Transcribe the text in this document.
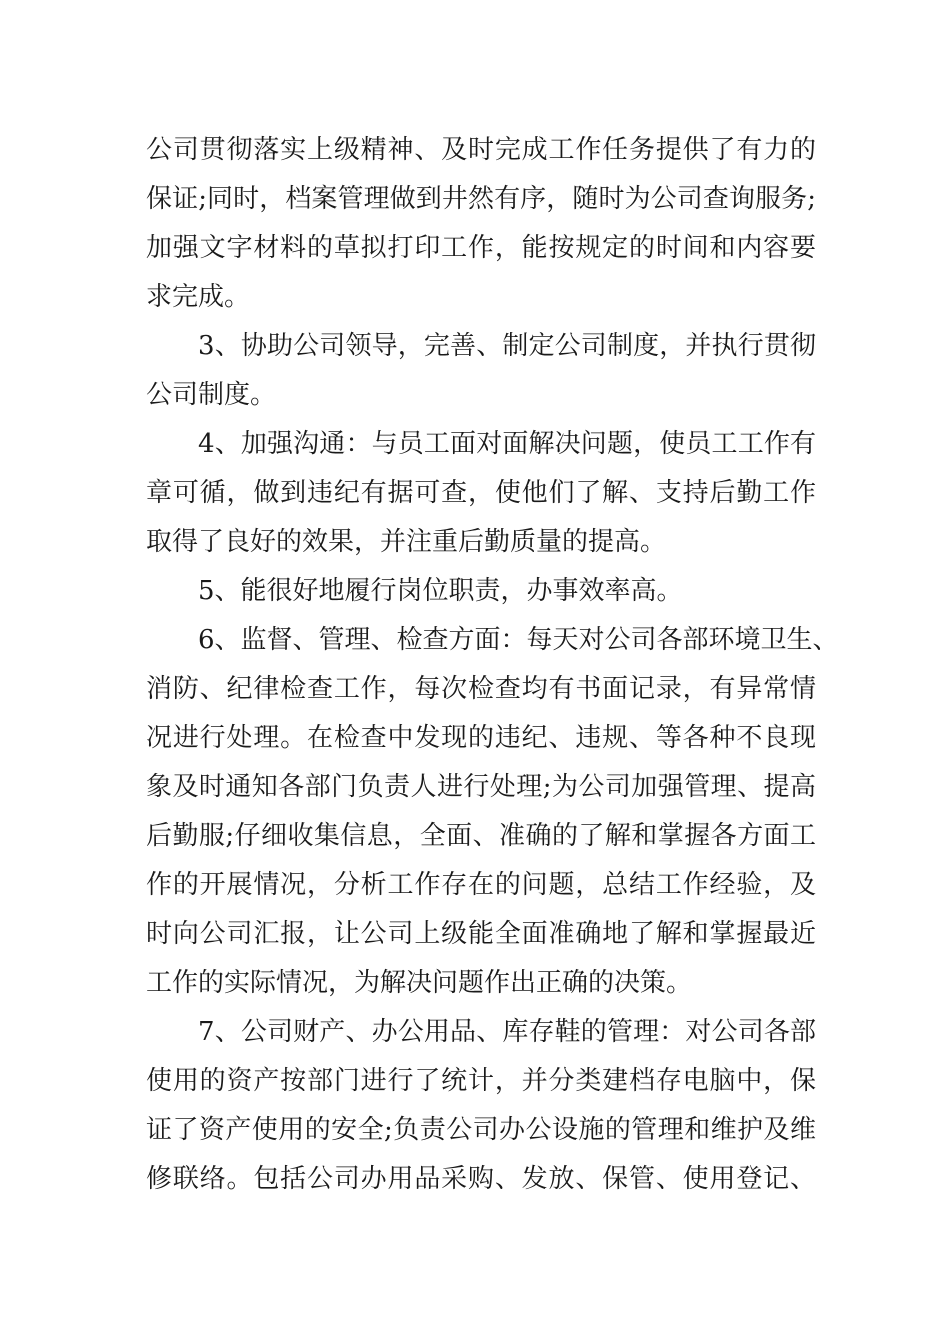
公司贯彻落实上级精神、及时完成工作任务提供了有力的
保证;同时，档案管理做到井然有序，随时为公司查询服务;
加强文字材料的草拟打印工作，能按规定的时间和内容要
求完成。
3、协助公司领导，完善、制定公司制度，并执行贯彻
公司制度。
4、加强沟通：与员工面对面解决问题，使员工工作有
章可循，做到违纪有据可查，使他们了解、支持后勤工作
取得了良好的效果，并注重后勤质量的提高。
5、能很好地履行岗位职责，办事效率高。
6、监督、管理、检查方面：每天对公司各部环境卫生、
消防、纪律检查工作，每次检查均有书面记录，有异常情
况进行处理。在检查中发现的违纪、违规、等各种不良现
象及时通知各部门负责人进行处理;为公司加强管理、提高
后勤服;仔细收集信息，全面、准确的了解和掌握各方面工
作的开展情况，分析工作存在的问题，总结工作经验，及
时向公司汇报，让公司上级能全面准确地了解和掌握最近
工作的实际情况，为解决问题作出正确的决策。
7、公司财产、办公用品、库存鞋的管理：对公司各部
使用的资产按部门进行了统计，并分类建档存电脑中，保
证了资产使用的安全;负责公司办公设施的管理和维护及维
修联络。包括公司办用品采购、发放、保管、使用登记、
